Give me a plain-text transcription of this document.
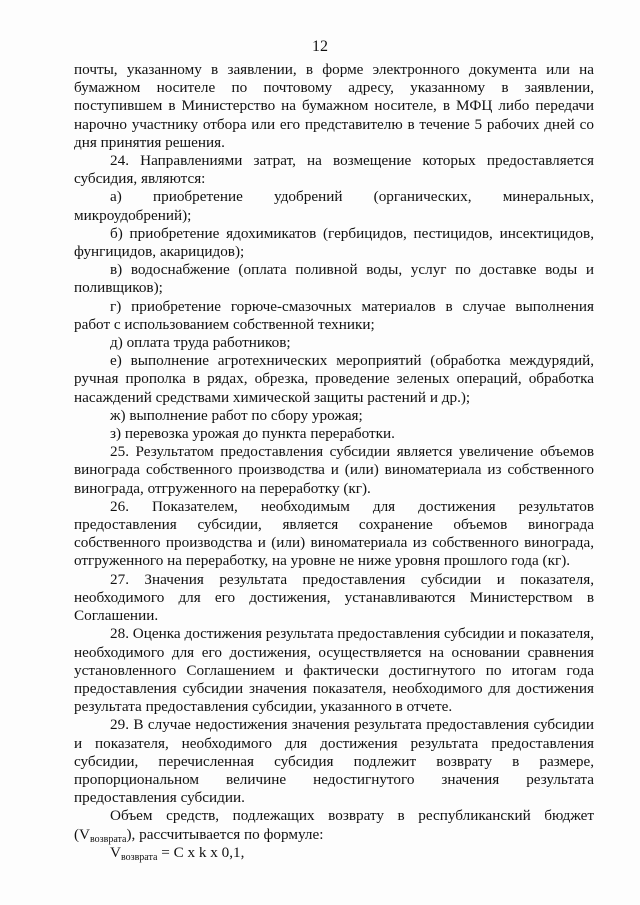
12

почты, указанному в заявлении, в форме электронного документа или на бумажном носителе по почтовому адресу, указанному в заявлении, поступившем в Министерство на бумажном носителе, в МФЦ либо передачи нарочно участнику отбора или его представителю в течение 5 рабочих дней со дня принятия решения.

24. Направлениями затрат, на возмещение которых предоставляется субсидия, являются:

а) приобретение удобрений (органических, минеральных, микроудобрений);

б) приобретение ядохимикатов (гербицидов, пестицидов, инсектицидов, фунгицидов, акарицидов);

в) водоснабжение (оплата поливной воды, услуг по доставке воды и поливщиков);

г) приобретение горюче-смазочных материалов в случае выполнения работ с использованием собственной техники;

д) оплата труда работников;

е) выполнение агротехнических мероприятий (обработка междурядий, ручная прополка в рядах, обрезка, проведение зеленых операций, обработка насаждений средствами химической защиты растений и др.);

ж) выполнение работ по сбору урожая;

з) перевозка урожая до пункта переработки.

25. Результатом предоставления субсидии является увеличение объемов винограда собственного производства и (или) виноматериала из собственного винограда, отгруженного на переработку (кг).

26. Показателем, необходимым для достижения результатов предоставления субсидии, является сохранение объемов винограда собственного производства и (или) виноматериала из собственного винограда, отгруженного на переработку, на уровне не ниже уровня прошлого года (кг).

27. Значения результата предоставления субсидии и показателя, необходимого для его достижения, устанавливаются Министерством в Соглашении.

28. Оценка достижения результата предоставления субсидии и показателя, необходимого для его достижения, осуществляется на основании сравнения установленного Соглашением и фактически достигнутого по итогам года предоставления субсидии значения показателя, необходимого для достижения результата предоставления субсидии, указанного в отчете.

29. В случае недостижения значения результата предоставления субсидии и показателя, необходимого для достижения результата предоставления субсидии, перечисленная субсидия подлежит возврату в размере, пропорциональном величине недостигнутого значения результата предоставления субсидии.

Объем средств, подлежащих возврату в республиканский бюджет $(V_{возврата})$, рассчитывается по формуле:

$V_{возврата} = C$ x k x 0,1,
